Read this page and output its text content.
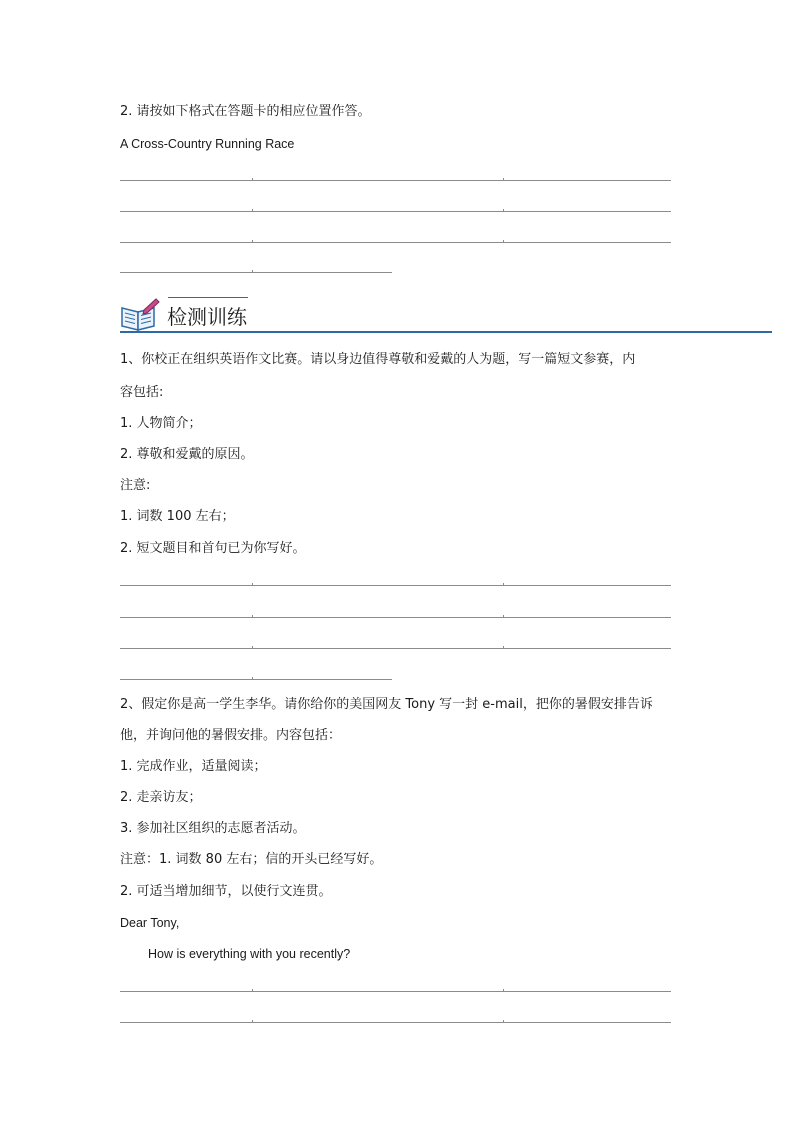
2. 请按如下格式在答题卡的相应位置作答。
A Cross-Country Running Race
检测训练
1、你校正在组织英语作文比赛。请以身边值得尊敬和爱戴的人为题，写一篇短文参赛，内
容包括:
1. 人物简介；
2. 尊敬和爱戴的原因。
注意:
1. 词数 100 左右；
2. 短文题目和首句已为你写好。
2、假定你是高一学生李华。请你给你的美国网友 Tony 写一封 e-mail，把你的暑假安排告诉
他，并询问他的暑假安排。内容包括：
1. 完成作业，适量阅读；
2. 走亲访友；
3. 参加社区组织的志愿者活动。
注意：1. 词数 80 左右；信的开头已经写好。
2. 可适当增加细节，以使行文连贯。
Dear Tony,
How is everything with you recently?
